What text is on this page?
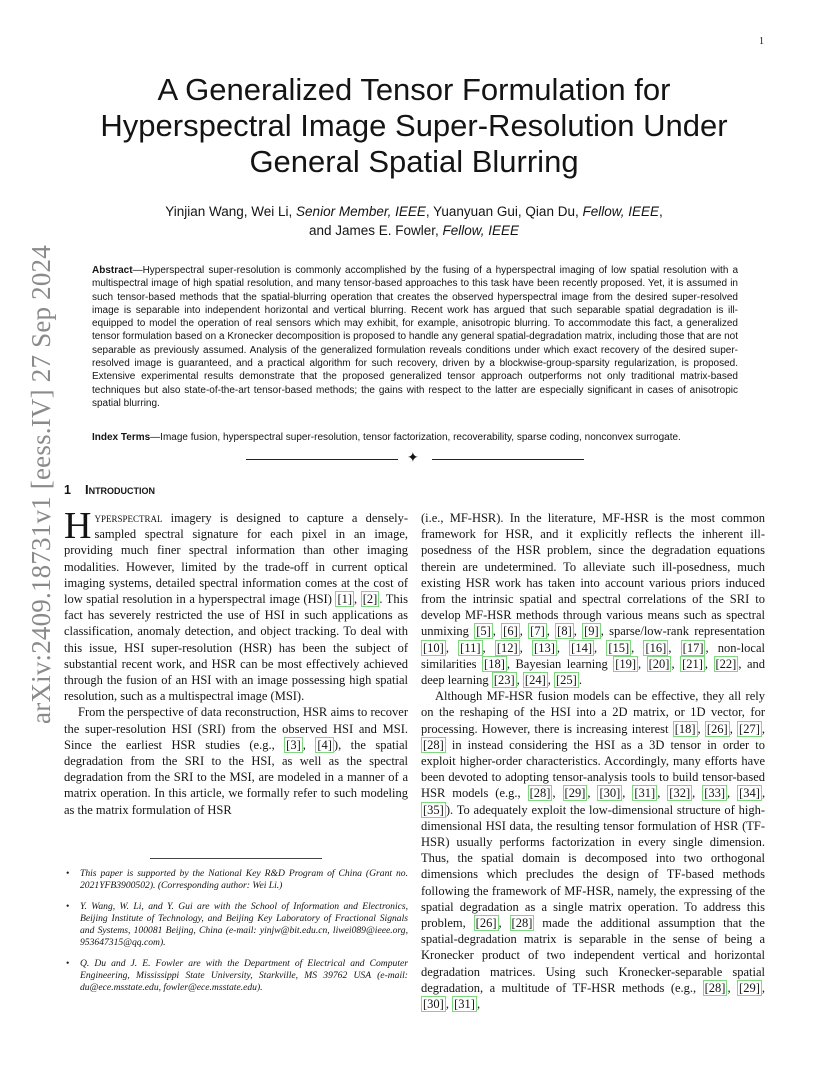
1
arXiv:2409.18731v1 [eess.IV] 27 Sep 2024
A Generalized Tensor Formulation for Hyperspectral Image Super-Resolution Under General Spatial Blurring
Yinjian Wang, Wei Li, Senior Member, IEEE, Yuanyuan Gui, Qian Du, Fellow, IEEE,
and James E. Fowler, Fellow, IEEE
Abstract—Hyperspectral super-resolution is commonly accomplished by the fusing of a hyperspectral imaging of low spatial resolution with a multispectral image of high spatial resolution, and many tensor-based approaches to this task have been recently proposed. Yet, it is assumed in such tensor-based methods that the spatial-blurring operation that creates the observed hyperspectral image from the desired super-resolved image is separable into independent horizontal and vertical blurring. Recent work has argued that such separable spatial degradation is ill-equipped to model the operation of real sensors which may exhibit, for example, anisotropic blurring. To accommodate this fact, a generalized tensor formulation based on a Kronecker decomposition is proposed to handle any general spatial-degradation matrix, including those that are not separable as previously assumed. Analysis of the generalized formulation reveals conditions under which exact recovery of the desired super-resolved image is guaranteed, and a practical algorithm for such recovery, driven by a blockwise-group-sparsity regularization, is proposed. Extensive experimental results demonstrate that the proposed generalized tensor approach outperforms not only traditional matrix-based techniques but also state-of-the-art tensor-based methods; the gains with respect to the latter are especially significant in cases of anisotropic spatial blurring.
Index Terms—Image fusion, hyperspectral super-resolution, tensor factorization, recoverability, sparse coding, nonconvex surrogate.
✦
1 Introduction

Hyperspectral imagery is designed to capture a densely-sampled spectral signature for each pixel in an image, providing much finer spectral information than other imaging modalities. However, limited by the trade-off in current optical imaging systems, detailed spectral information comes at the cost of low spatial resolution in a hyperspectral image (HSI) [ 1 ] , [ 2 ] . This fact has severely restricted the use of HSI in such applications as classification, anomaly detection, and object tracking. To deal with this issue, HSI super-resolution (HSR) has been the subject of substantial recent work, and HSR can be most effectively achieved through the fusion of an HSI with an image possessing high spatial resolution, such as a multispectral image (MSI).

From the perspective of data reconstruction, HSR aims to recover the super-resolution HSI (SRI) from the observed HSI and MSI. Since the earliest HSR studies (e.g., [ 3 ] , [ 4 ] ), the spatial degradation from the SRI to the HSI, as well as the spectral degradation from the SRI to the MSI, are modeled in a manner of a matrix operation. In this article, we formally refer to such modeling as the matrix formulation of HSR

(i.e., MF-HSR). In the literature, MF-HSR is the most common framework for HSR, and it explicitly reflects the inherent ill-posedness of the HSR problem, since the degradation equations therein are undetermined. To alleviate such ill-posedness, much existing HSR work has taken into account various priors induced from the intrinsic spatial and spectral correlations of the SRI to develop MF-HSR methods through various means such as spectral unmixing [ 5 ] , [ 6 ] , [ 7 ] , [ 8 ] , [ 9 ] , sparse/low-rank representation [ 10 ] , [ 11 ] , [ 12 ] , [ 13 ] , [ 14 ] , [ 15 ] , [ 16 ] , [ 17 ] , non-local similarities [ 18 ] , Bayesian learning [ 19 ] , [ 20 ] , [ 21 ] , [ 22 ] , and deep learning [ 23 ] , [ 24 ] , [ 25 ] .

Although MF-HSR fusion models can be effective, they all rely on the reshaping of the HSI into a 2D matrix, or 1D vector, for processing. However, there is increasing interest [ 18 ] , [ 26 ] , [ 27 ] , [ 28 ] in instead considering the HSI as a 3D tensor in order to exploit higher-order characteristics. Accordingly, many efforts have been devoted to adopting tensor-analysis tools to build tensor-based HSR models (e.g., [ 28 ] , [ 29 ] , [ 30 ] , [ 31 ] , [ 32 ] , [ 33 ] , [ 34 ] , [ 35 ] ). To adequately exploit the low-dimensional structure of high-dimensional HSI data, the resulting tensor formulation of HSR (TF-HSR) usually performs factorization in every single dimension. Thus, the spatial domain is decomposed into two orthogonal dimensions which precludes the design of TF-based methods following the framework of MF-HSR, namely, the expressing of the spatial degradation as a single matrix operation. To address this problem, [ 26 ] , [ 28 ] made the additional assumption that the spatial-degradation matrix is separable in the sense of being a Kronecker product of two independent vertical and horizontal degradation matrices. Using such Kronecker-separable spatial degradation, a multitude of TF-HSR methods (e.g., [ 28 ] , [ 29 ] , [ 30 ] , [ 31 ] ,

• This paper is supported by the National Key R&D Program of China (Grant no. 2021YFB3900502). (Corresponding author: Wei Li.)
• Y. Wang, W. Li, and Y. Gui are with the School of Information and Electronics, Beijing Institute of Technology, and Beijing Key Laboratory of Fractional Signals and Systems, 100081 Beijing, China (e-mail: yinjw@bit.edu.cn, liwei089@ieee.org, 953647315@qq.com).
• Q. Du and J. E. Fowler are with the Department of Electrical and Computer Engineering, Mississippi State University, Starkville, MS 39762 USA (e-mail: du@ece.msstate.edu, fowler@ece.msstate.edu).
